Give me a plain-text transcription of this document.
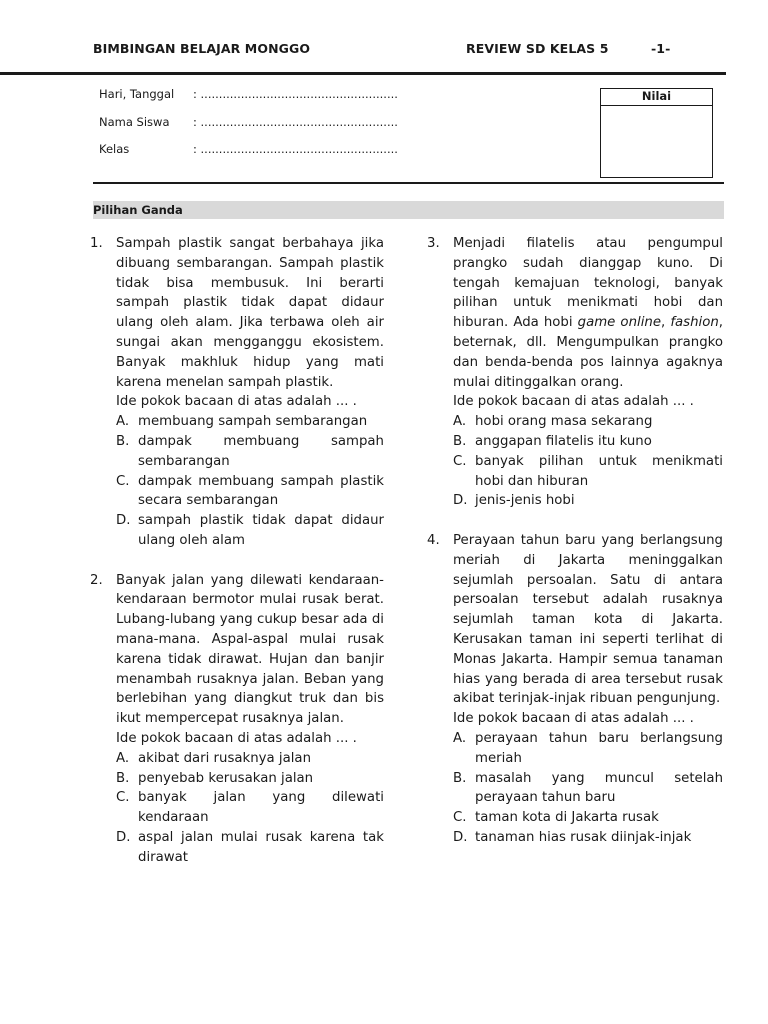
BIMBINGAN BELAJAR MONGGO	REVIEW SD KELAS 5	-1-
Hari, Tanggal : ......................................................
Nama Siswa : ......................................................
Kelas	: ......................................................
Nilai
Pilihan Ganda
1. Sampah plastik sangat berbahaya jika dibuang sembarangan. Sampah plastik tidak bisa membusuk. Ini berarti sampah plastik tidak dapat didaur ulang oleh alam. Jika terbawa oleh air sungai akan mengganggu ekosistem. Banyak makhluk hidup yang mati karena menelan sampah plastik.
Ide pokok bacaan di atas adalah ... .
A. membuang sampah sembarangan
B. dampak membuang sampah sembarangan
C. dampak membuang sampah plastik secara sembarangan
D. sampah plastik tidak dapat didaur ulang oleh alam
2. Banyak jalan yang dilewati kendaraan-kendaraan bermotor mulai rusak berat. Lubang-lubang yang cukup besar ada di mana-mana. Aspal-aspal mulai rusak karena tidak dirawat. Hujan dan banjir menambah rusaknya jalan. Beban yang berlebihan yang diangkut truk dan bis ikut mempercepat rusaknya jalan.
Ide pokok bacaan di atas adalah ... .
A. akibat dari rusaknya jalan
B. penyebab kerusakan jalan
C. banyak jalan yang dilewati kendaraan
D. aspal jalan mulai rusak karena tak dirawat
3. Menjadi filatelis atau pengumpul prangko sudah dianggap kuno. Di tengah kemajuan teknologi, banyak pilihan untuk menikmati hobi dan hiburan. Ada hobi game online, fashion, beternak, dll. Mengumpulkan prangko dan benda-benda pos lainnya agaknya mulai ditinggalkan orang.
Ide pokok bacaan di atas adalah ... .
A. hobi orang masa sekarang
B. anggapan filatelis itu kuno
C. banyak pilihan untuk menikmati hobi dan hiburan
D. jenis-jenis hobi
4. Perayaan tahun baru yang berlangsung meriah di Jakarta meninggalkan sejumlah persoalan. Satu di antara persoalan tersebut adalah rusaknya sejumlah taman kota di Jakarta. Kerusakan taman ini seperti terlihat di Monas Jakarta. Hampir semua tanaman hias yang berada di area tersebut rusak akibat terinjak-injak ribuan pengunjung.
Ide pokok bacaan di atas adalah ... .
A. perayaan tahun baru berlangsung meriah
B. masalah yang muncul setelah perayaan tahun baru
C. taman kota di Jakarta rusak
D. tanaman hias rusak diinjak-injak
